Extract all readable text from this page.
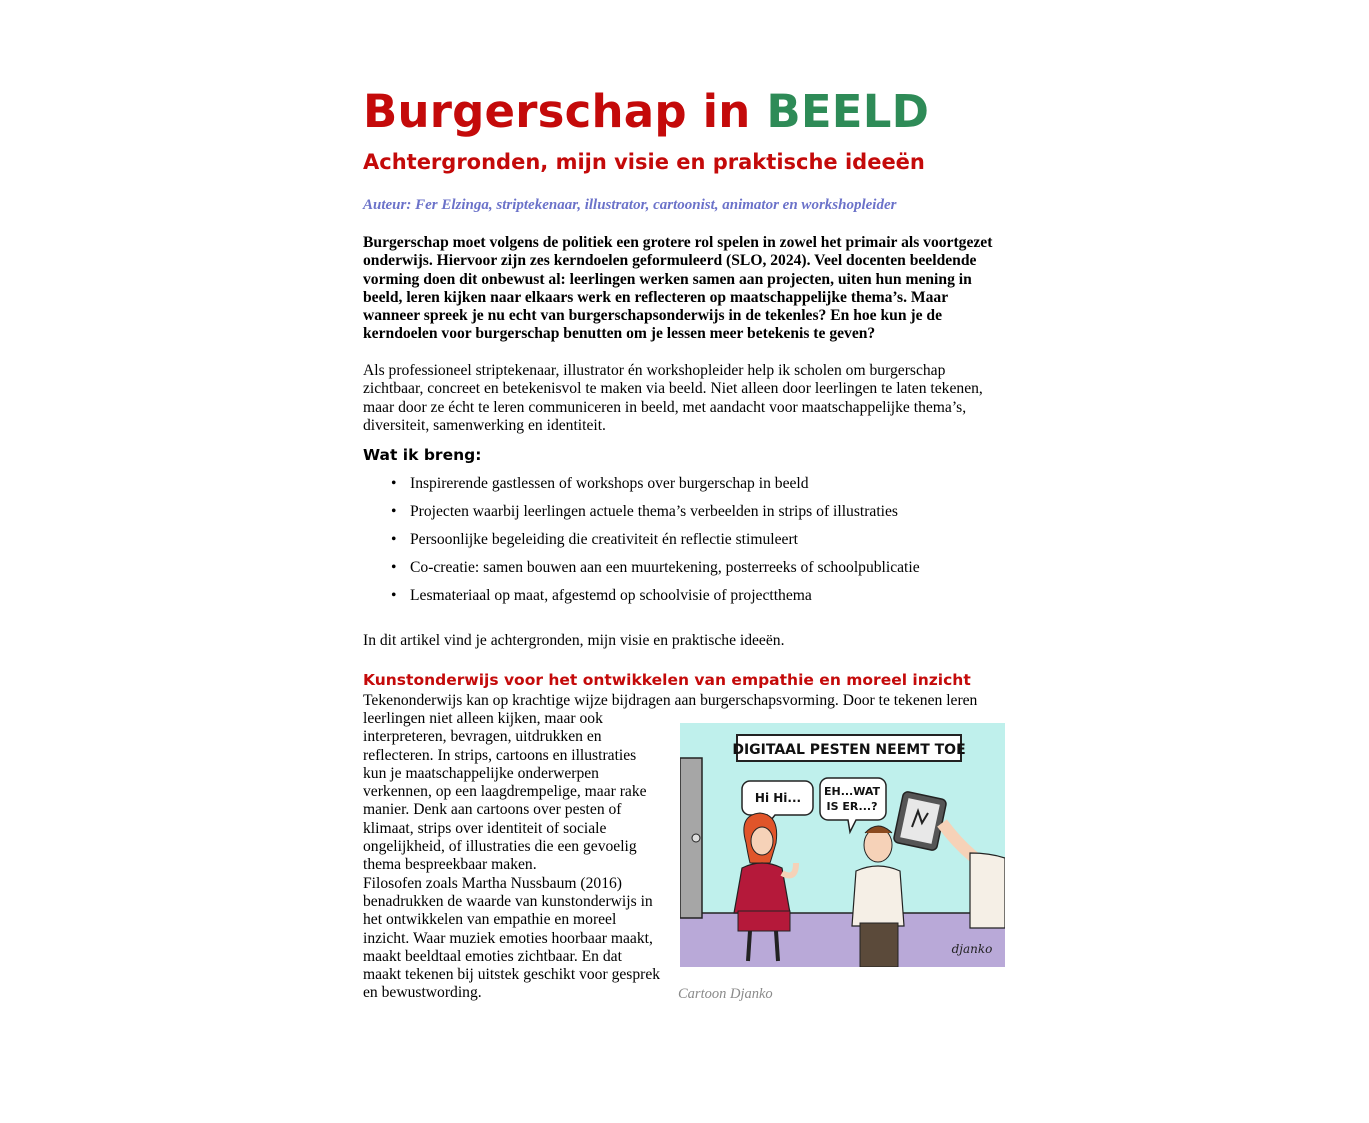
Burgerschap in BEELD
Achtergronden, mijn visie en praktische ideeën

Auteur: Fer Elzinga, striptekenaar, illustrator, cartoonist, animator en workshopleider

Burgerschap moet volgens de politiek een grotere rol spelen in zowel het primair als voortgezet onderwijs. Hiervoor zijn zes kerndoelen geformuleerd (SLO, 2024). Veel docenten beeldende vorming doen dit onbewust al: leerlingen werken samen aan projecten, uiten hun mening in beeld, leren kijken naar elkaars werk en reflecteren op maatschappelijke thema’s. Maar wanneer spreek je nu echt van burgerschapsonderwijs in de tekenles? En hoe kun je de kerndoelen voor burgerschap benutten om je lessen meer betekenis te geven?

Als professioneel striptekenaar, illustrator én workshopleider help ik scholen om burgerschap zichtbaar, concreet en betekenisvol te maken via beeld. Niet alleen door leerlingen te laten tekenen, maar door ze écht te leren communiceren in beeld, met aandacht voor maatschappelijke thema’s, diversiteit, samenwerking en identiteit.

Wat ik breng:
• Inspirerende gastlessen of workshops over burgerschap in beeld
• Projecten waarbij leerlingen actuele thema’s verbeelden in strips of illustraties
• Persoonlijke begeleiding die creativiteit én reflectie stimuleert
• Co-creatie: samen bouwen aan een muurtekening, posterreeks of schoolpublicatie
• Lesmateriaal op maat, afgestemd op schoolvisie of projectthema

In dit artikel vind je achtergronden, mijn visie en praktische ideeën.

Kunstonderwijs voor het ontwikkelen van empathie en moreel inzicht

Tekenonderwijs kan op krachtige wijze bijdragen aan burgerschapsvorming. Door te tekenen leren

leerlingen niet alleen kijken, maar ook interpreteren, bevragen, uitdrukken en reflecteren. In strips, cartoons en illustraties kun je maatschappelijke onderwerpen verkennen, op een laagdrempelige, maar rake manier. Denk aan cartoons over pesten of klimaat, strips over identiteit of sociale ongelijkheid, of illustraties die een gevoelig thema bespreekbaar maken.
Filosofen zoals Martha Nussbaum (2016) benadrukken de waarde van kunstonderwijs in het ontwikkelen van empathie en moreel inzicht. Waar muziek emoties hoorbaar maakt, maakt beeldtaal emoties zichtbaar. En dat maakt tekenen bij uitstek geschikt voor gesprek en bewustwording.
DIGITAAL PESTEN NEEMT TOE
Hi Hi... EH...WAT
IS ER...?
djanko

Cartoon Djanko
